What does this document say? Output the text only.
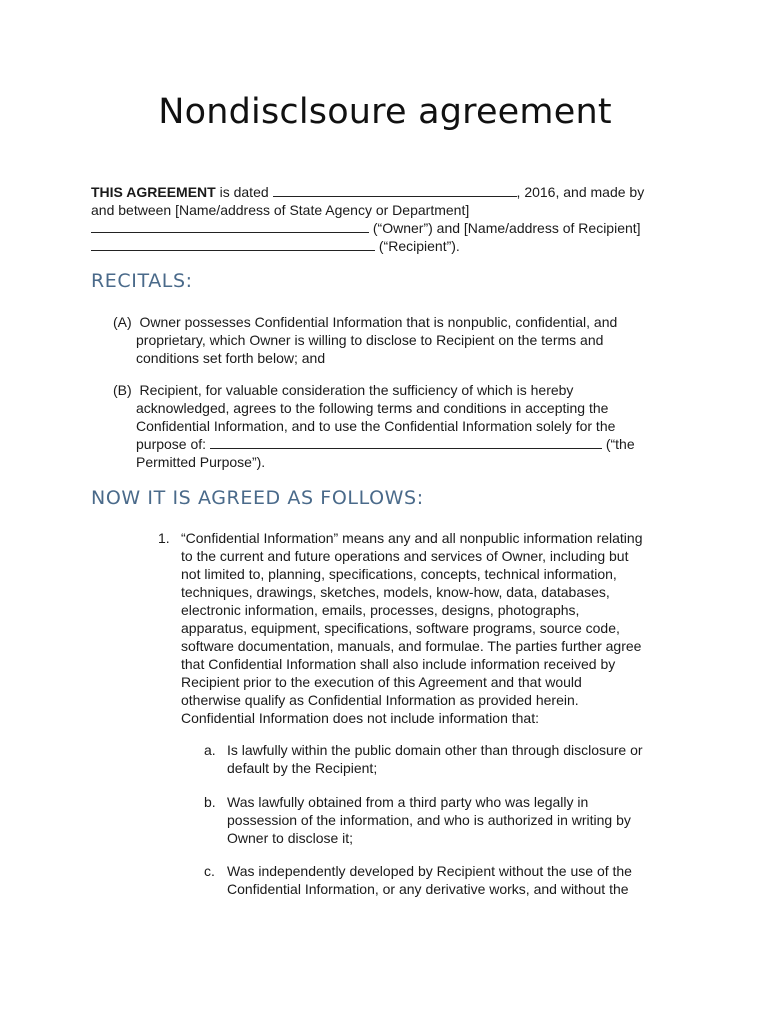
Nondisclsoure agreement

THIS AGREEMENT is dated	, 2016, and made by

and between [Name/address of State Agency or Department]

(“Owner”) and [Name/address of Recipient]

(“Recipient”).

RECITALS:
(A) Owner possesses Confidential Information that is nonpublic, confidential, and
proprietary, which Owner is willing to disclose to Recipient on the terms and
conditions set forth below; and
(B) Recipient, for valuable consideration the sufficiency of which is hereby
acknowledged, agrees to the following terms and conditions in accepting the
Confidential Information, and to use the Confidential Information solely for the
purpose of:	(“the
Permitted Purpose”).
NOW IT IS AGREED AS FOLLOWS:
1. “Confidential Information” means any and all nonpublic information relating
to the current and future operations and services of Owner, including but
not limited to, planning, specifications, concepts, technical information,
techniques, drawings, sketches, models, know-how, data, databases,
electronic information, emails, processes, designs, photographs,
apparatus, equipment, specifications, software programs, source code,
software documentation, manuals, and formulae. The parties further agree
that Confidential Information shall also include information received by
Recipient prior to the execution of this Agreement and that would
otherwise qualify as Confidential Information as provided herein.
Confidential Information does not include information that:
a. Is lawfully within the public domain other than through disclosure or
default by the Recipient;
b. Was lawfully obtained from a third party who was legally in
possession of the information, and who is authorized in writing by
Owner to disclose it;
c. Was independently developed by Recipient without the use of the
Confidential Information, or any derivative works, and without the
